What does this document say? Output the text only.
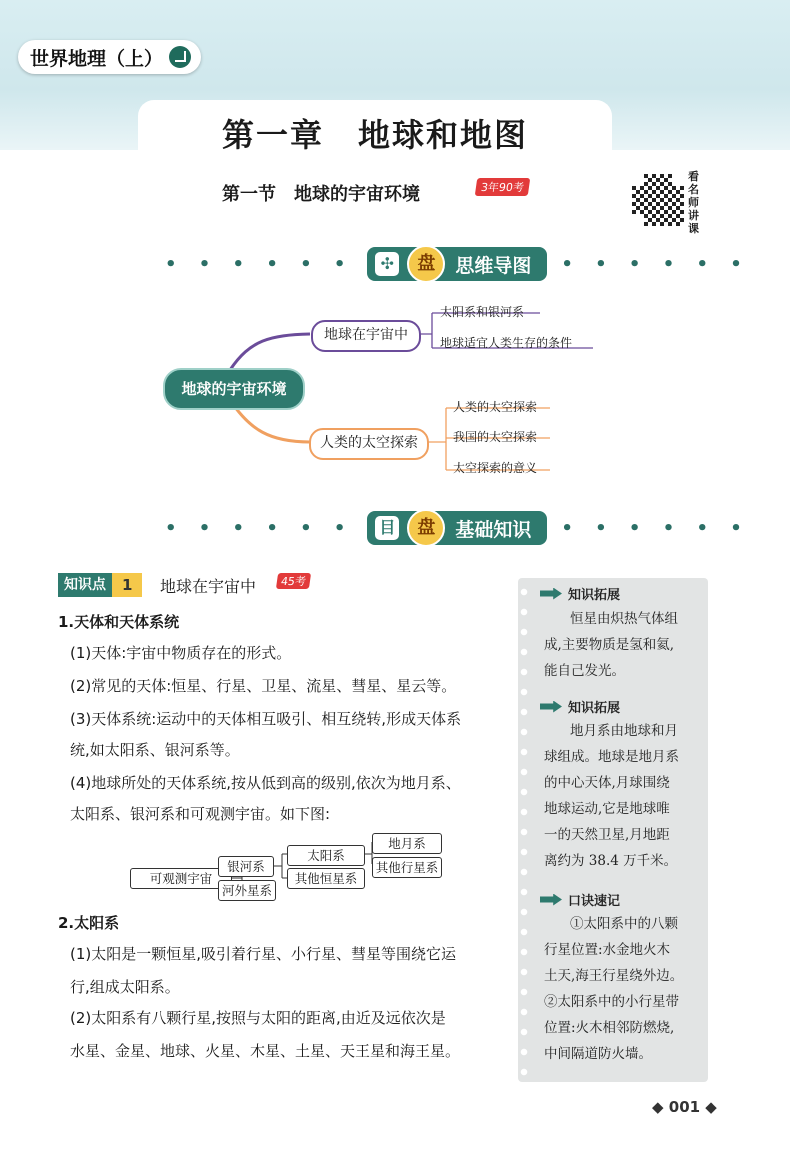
世界地理（上）
第一章　地球和地图
第一节　地球的宇宙环境	3年90考
看名师讲课
• • • • • •	✣	盘	思维导图 • • • • • •
地球的宇宙环境
地球在宇宙中
人类的太空探索
太阳系和银河系
地球适宜人类生存的条件
人类的太空探索
我国的太空探索
太空探索的意义
• • • • • • 目	盘	基础知识 • • • • • •
知识点	1	地球在宇宙中	45考
1.天体和天体系统
(1)天体:宇宙中物质存在的形式。
(2)常见的天体:恒星、行星、卫星、流星、彗星、星云等。
(3)天体系统:运动中的天体相互吸引、相互绕转,形成天体系
统,如太阳系、银河系等。
(4)地球所处的天体系统,按从低到高的级别,依次为地月系、
太阳系、银河系和可观测宇宙。如下图:
可观测宇宙
银河系
河外星系
太阳系
其他恒星系
地月系
其他行星系
2.太阳系
(1)太阳是一颗恒星,吸引着行星、小行星、彗星等围绕它运
行,组成太阳系。
(2)太阳系有八颗行星,按照与太阳的距离,由近及远依次是
水星、金星、地球、火星、木星、土星、天王星和海王星。
知识拓展
恒星由炽热气体组
成,主要物质是氢和氦,
能自己发光。
知识拓展
地月系由地球和月
球组成。地球是地月系
的中心天体,月球围绕
地球运动,它是地球唯
一的天然卫星,月地距
离约为 38.4 万千米。
口诀速记
①太阳系中的八颗
行星位置:水金地火木
土天,海王行星绕外边。
②太阳系中的小行星带
位置:火木相邻防燃烧,
中间隔道防火墙。
◆ 001 ◆
